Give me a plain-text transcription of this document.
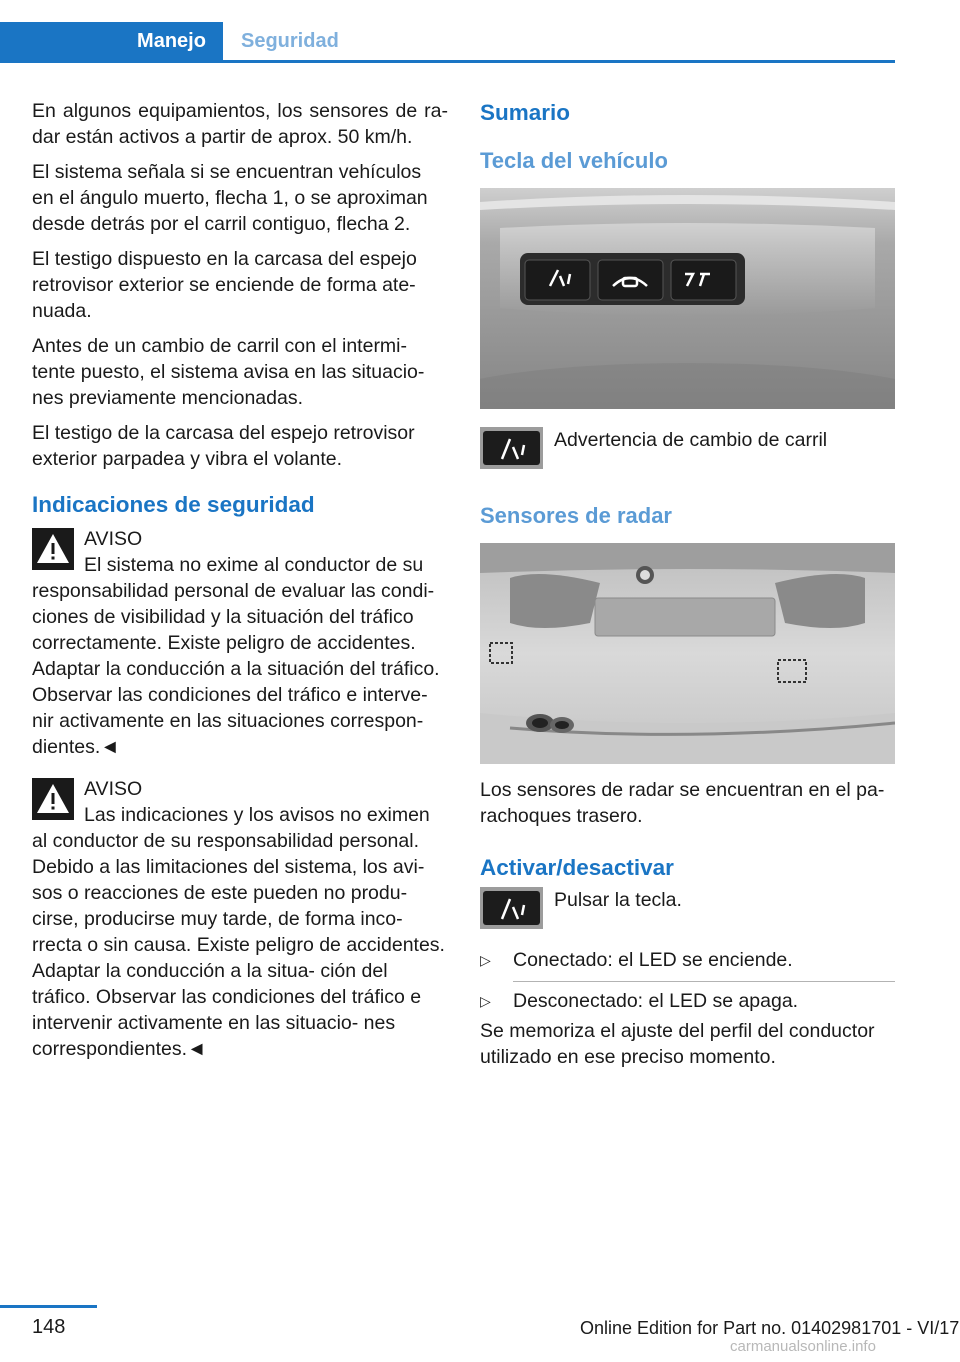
Manejo	Seguridad

En algunos equipamientos, los sensores de ra‐ dar están activos a partir de aprox. 50 km/h.

El sistema señala si se encuentran vehículos en el ángulo muerto, flecha 1, o se aproximan desde detrás por el carril contiguo, flecha 2.

El testigo dispuesto en la carcasa del espejo retrovisor exterior se enciende de forma ate‐ nuada.

Antes de un cambio de carril con el intermi‐ tente puesto, el sistema avisa en las situacio‐ nes previamente mencionadas.

El testigo de la carcasa del espejo retrovisor exterior parpadea y vibra el volante.

Indicaciones de seguridad
AVISO
El sistema no exime al conductor de su responsabilidad personal de evaluar las condi‐ ciones de visibilidad y la situación del tráfico correctamente. Existe peligro de accidentes. Adaptar la conducción a la situación del tráfico. Observar las condiciones del tráfico e interve‐ nir activamente en las situaciones correspon‐ dientes.◄
AVISO
Las indicaciones y los avisos no eximen al conductor de su responsabilidad personal. Debido a las limitaciones del sistema, los avi‐ sos o reacciones de este pueden no produ‐ cirse, producirse muy tarde, de forma inco‐ rrecta o sin causa. Existe peligro de accidentes. Adaptar la conducción a la situa‐ ción del tráfico. Observar las condiciones del tráfico e intervenir activamente en las situacio‐ nes correspondientes.◄
Sumario
Tecla del vehículo
Advertencia de cambio de carril
Sensores de radar

Los sensores de radar se encuentran en el pa‐ rachoques trasero.

Activar/desactivar
Pulsar la tecla.
▷ Conectado: el LED se enciende.
▷ Desconectado: el LED se apaga.

Se memoriza el ajuste del perfil del conductor utilizado en ese preciso momento.

148	Online Edition for Part no. 01402981701 - VI/17
carmanualsonline.info
